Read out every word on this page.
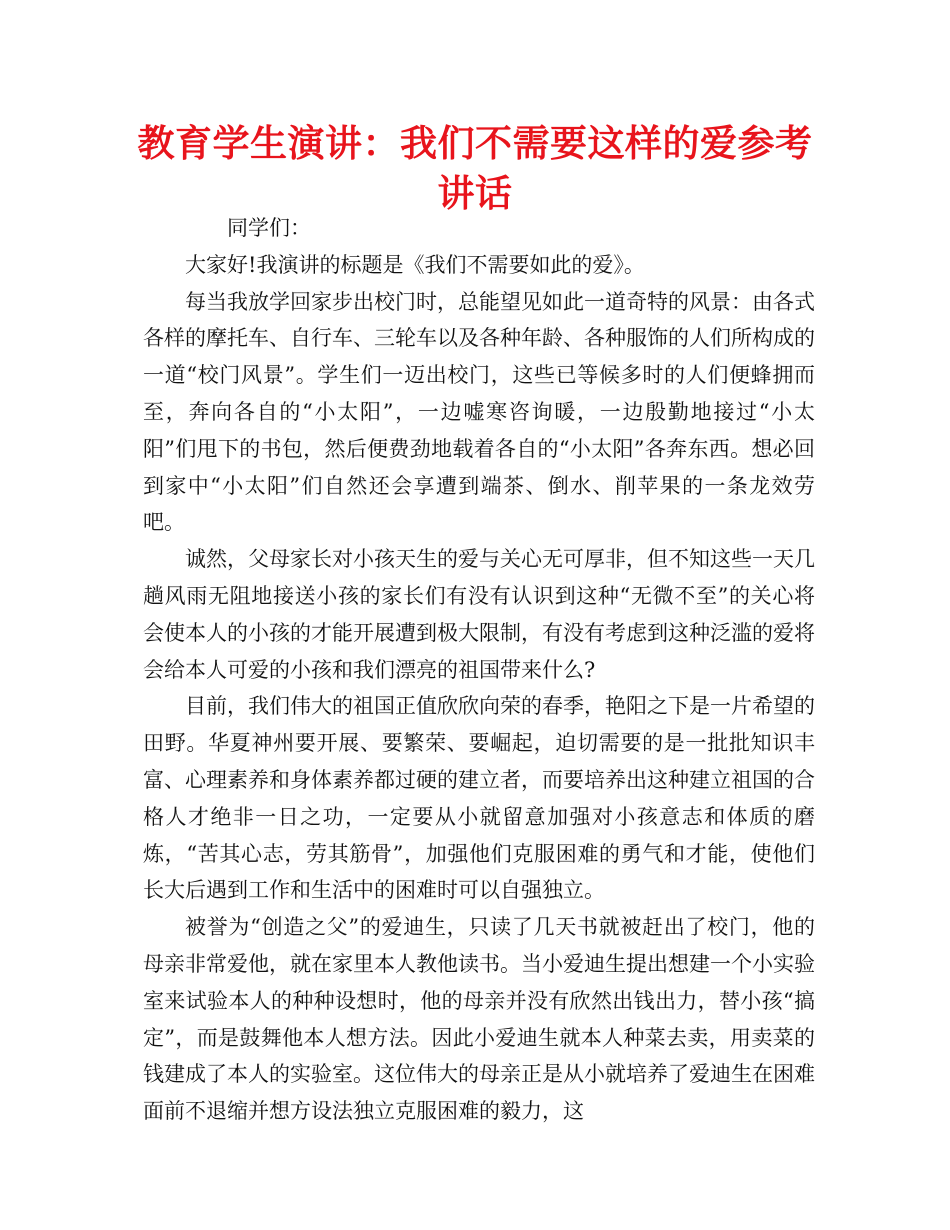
教育学生演讲：我们不需要这样的爱参考讲话

同学们：

大家好!我演讲的标题是《我们不需要如此的爱》。

每当我放学回家步出校门时，总能望见如此一道奇特的风景：由各式各样的摩托车、自行车、三轮车以及各种年龄、各种服饰的人们所构成的一道“校门风景”。学生们一迈出校门，这些已等候多时的人们便蜂拥而至，奔向各自的“小太阳”，一边嘘寒咨询暖，一边殷勤地接过“小太阳”们甩下的书包，然后便费劲地载着各自的“小太阳”各奔东西。想必回到家中“小太阳”们自然还会享遭到端茶、倒水、削苹果的一条龙效劳吧。

诚然，父母家长对小孩天生的爱与关心无可厚非，但不知这些一天几趟风雨无阻地接送小孩的家长们有没有认识到这种“无微不至”的关心将会使本人的小孩的才能开展遭到极大限制，有没有考虑到这种泛滥的爱将会给本人可爱的小孩和我们漂亮的祖国带来什么?

目前，我们伟大的祖国正值欣欣向荣的春季，艳阳之下是一片希望的田野。华夏神州要开展、要繁荣、要崛起，迫切需要的是一批批知识丰富、心理素养和身体素养都过硬的建立者，而要培养出这种建立祖国的合格人才绝非一日之功，一定要从小就留意加强对小孩意志和体质的磨炼，“苦其心志，劳其筋骨”，加强他们克服困难的勇气和才能，使他们长大后遇到工作和生活中的困难时可以自强独立。

被誉为“创造之父”的爱迪生，只读了几天书就被赶出了校门，他的母亲非常爱他，就在家里本人教他读书。当小爱迪生提出想建一个小实验室来试验本人的种种设想时，他的母亲并没有欣然出钱出力，替小孩“搞定”，而是鼓舞他本人想方法。因此小爱迪生就本人种菜去卖，用卖菜的钱建成了本人的实验室。这位伟大的母亲正是从小就培养了爱迪生在困难面前不退缩并想方设法独立克服困难的毅力，这
